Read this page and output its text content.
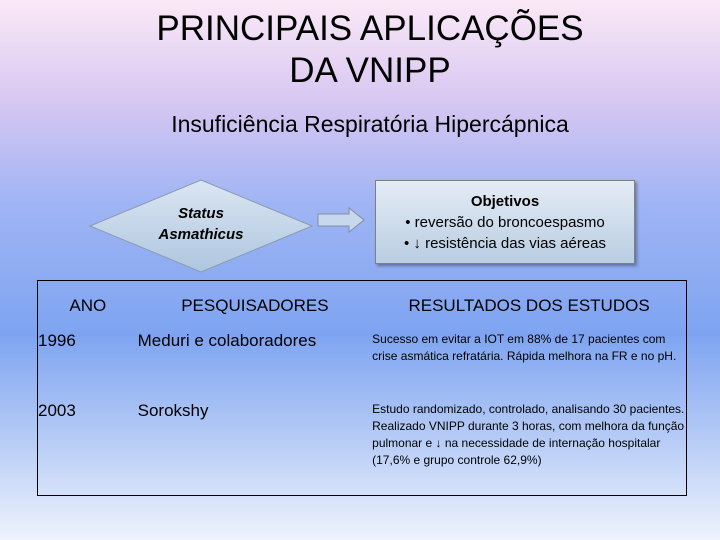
PRINCIPAIS APLICAÇÕES
DA VNIPP
Insuficiência Respiratória Hipercápnica
Status
Asmathicus
Objetivos
• reversão do broncoespasmo
• ↓ resistência das vias aéreas
ANO	PESQUISADORES	RESULTADOS DOS ESTUDOS
1996	Meduri e colaboradores	Sucesso em evitar a IOT em 88% de 17 pacientes com crise asmática refratária. Rápida melhora na FR e no pH.
2003	Sorokshy	Estudo randomizado, controlado, analisando 30 pacientes. Realizado VNIPP durante 3 horas, com melhora da função pulmonar e ↓ na necessidade de internação hospitalar (17,6% e grupo controle 62,9%)
